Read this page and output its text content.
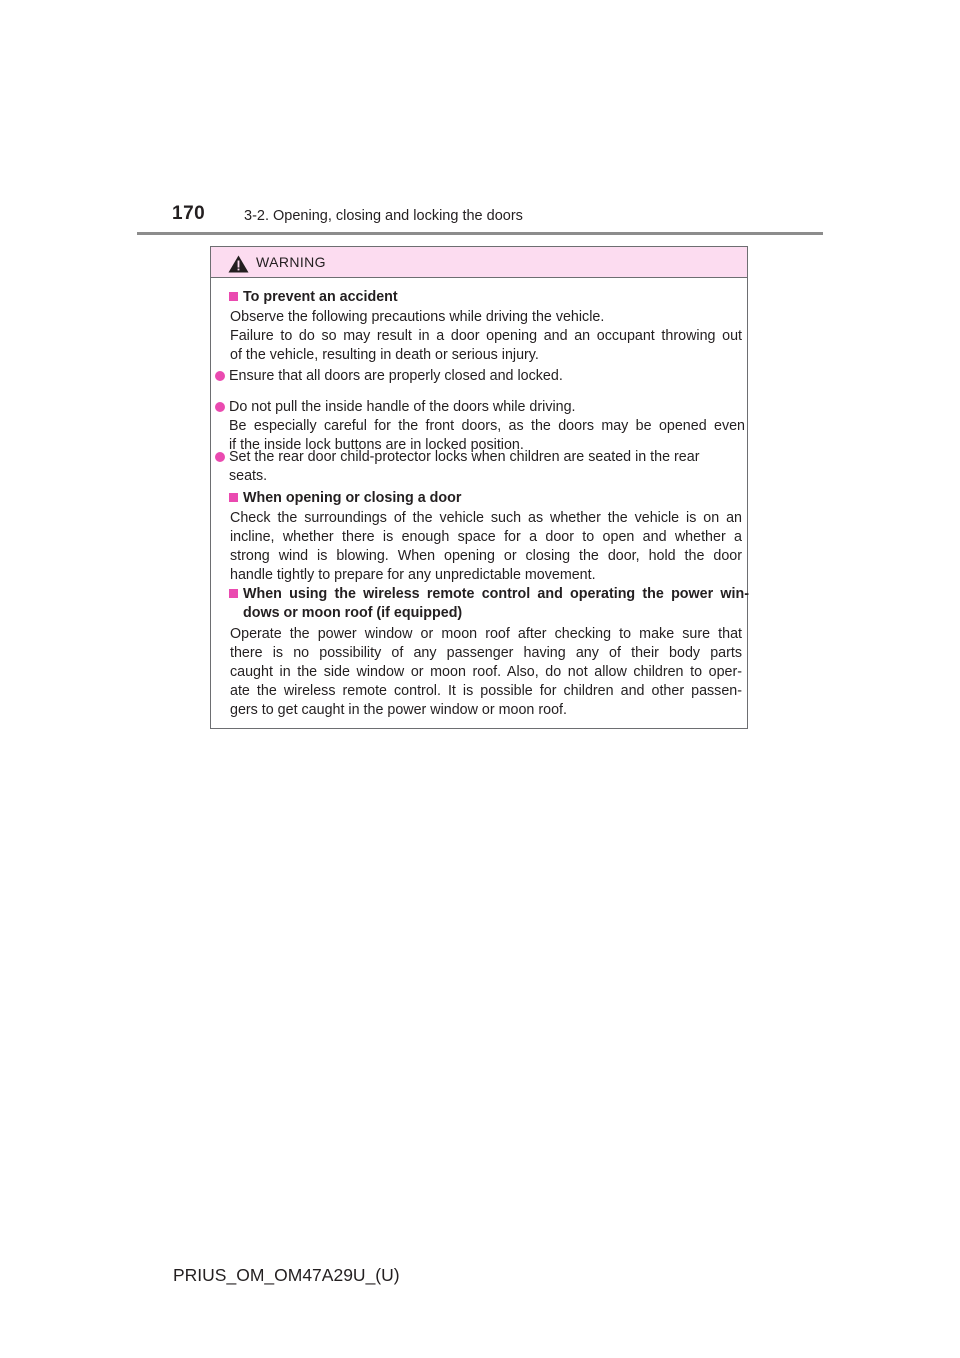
170	3-2. Opening, closing and locking the doors
WARNING
To prevent an accident
Observe the following precautions while driving the vehicle.
Failure to do so may result in a door opening and an occupant throwing out
of the vehicle, resulting in death or serious injury.
Ensure that all doors are properly closed and locked.
Do not pull the inside handle of the doors while driving.
Be especially careful for the front doors, as the doors may be opened even
if the inside lock buttons are in locked position.
Set the rear door child-protector locks when children are seated in the rear
seats.
When opening or closing a door
Check the surroundings of the vehicle such as whether the vehicle is on an
incline, whether there is enough space for a door to open and whether a
strong wind is blowing. When opening or closing the door, hold the door
handle tightly to prepare for any unpredictable movement.
When using the wireless remote control and operating the power win-
dows or moon roof (if equipped)
Operate the power window or moon roof after checking to make sure that
there is no possibility of any passenger having any of their body parts
caught in the side window or moon roof. Also, do not allow children to oper-
ate the wireless remote control. It is possible for children and other passen-
gers to get caught in the power window or moon roof.
PRIUS_OM_OM47A29U_(U)
